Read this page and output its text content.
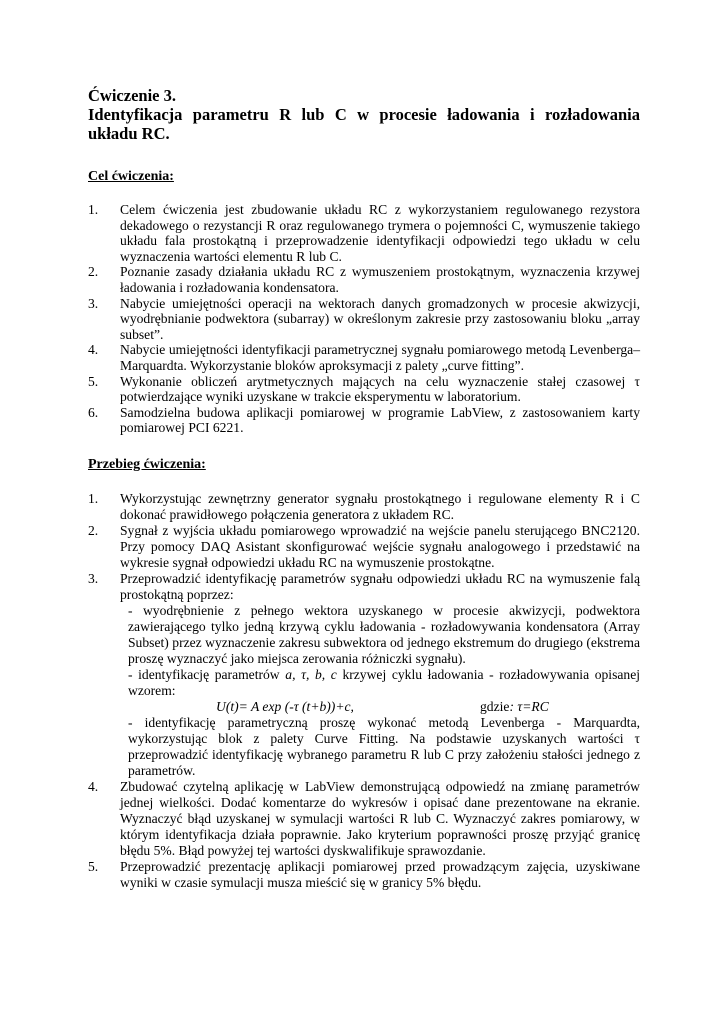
Ćwiczenie 3.

Identyfikacja parametru R lub C w procesie ładowania i rozładowania

układu RC.

Cel ćwiczenia:

1. Celem ćwiczenia jest zbudowanie układu RC z wykorzystaniem regulowanego rezystora dekadowego o rezystancji R oraz regulowanego trymera o pojemności C, wymuszenie takiego układu fala prostokątną i przeprowadzenie identyfikacji odpowiedzi tego układu w celu wyznaczenia wartości elementu R lub C.
2. Poznanie zasady działania układu RC z wymuszeniem prostokątnym, wyznaczenia krzywej ładowania i rozładowania kondensatora.
3. Nabycie umiejętności operacji na wektorach danych gromadzonych w procesie akwizycji, wyodrębnianie podwektora (subarray) w określonym zakresie przy zastosowaniu bloku „array subset”.
4. Nabycie umiejętności identyfikacji parametrycznej sygnału pomiarowego metodą Levenberga–Marquardta. Wykorzystanie bloków aproksymacji z palety „curve fitting”.
5. Wykonanie obliczeń arytmetycznych mających na celu wyznaczenie stałej czasowej τ potwierdzające wyniki uzyskane w trakcie eksperymentu w laboratorium.
6. Samodzielna budowa aplikacji pomiarowej w programie LabView, z zastosowaniem karty pomiarowej PCI 6221.

Przebieg ćwiczenia:

1. Wykorzystując zewnętrzny generator sygnału prostokątnego i regulowane elementy R i C dokonać prawidłowego połączenia generatora z układem RC.
2. Sygnał z wyjścia układu pomiarowego wprowadzić na wejście panelu sterującego BNC2120. Przy pomocy DAQ Asistant skonfigurować wejście sygnału analogowego i przedstawić na wykresie sygnał odpowiedzi układu RC na wymuszenie prostokątne.
3. Przeprowadzić identyfikację parametrów sygnału odpowiedzi układu RC na wymuszenie falą prostokątną poprzez:
- wyodrębnienie z pełnego wektora uzyskanego w procesie akwizycji, podwektora zawierającego tylko jedną krzywą cyklu ładowania - rozładowywania kondensatora (Array Subset) przez wyznaczenie zakresu subwektora od jednego ekstremum do drugiego (ekstrema proszę wyznaczyć jako miejsca zerowania różniczki sygnału).
- identyfikację parametrów a, τ, b, c krzywej cyklu ładowania - rozładowywania opisanej wzorem:
U(t)= A exp (-τ (t+b))+c,	gdzie: τ=RC
- identyfikację parametryczną proszę wykonać metodą Levenberga - Marquardta, wykorzystując blok z palety Curve Fitting. Na podstawie uzyskanych wartości τ przeprowadzić identyfikację wybranego parametru R lub C przy założeniu stałości jednego z parametrów.
4. Zbudować czytelną aplikację w LabView demonstrującą odpowiedź na zmianę parametrów jednej wielkości. Dodać komentarze do wykresów i opisać dane prezentowane na ekranie. Wyznaczyć błąd uzyskanej w symulacji wartości R lub C. Wyznaczyć zakres pomiarowy, w którym identyfikacja działa poprawnie. Jako kryterium poprawności proszę przyjąć granicę błędu 5%. Błąd powyżej tej wartości dyskwalifikuje sprawozdanie.
5. Przeprowadzić prezentację aplikacji pomiarowej przed prowadzącym zajęcia, uzyskiwane wyniki w czasie symulacji musza mieścić się w granicy 5% błędu.
